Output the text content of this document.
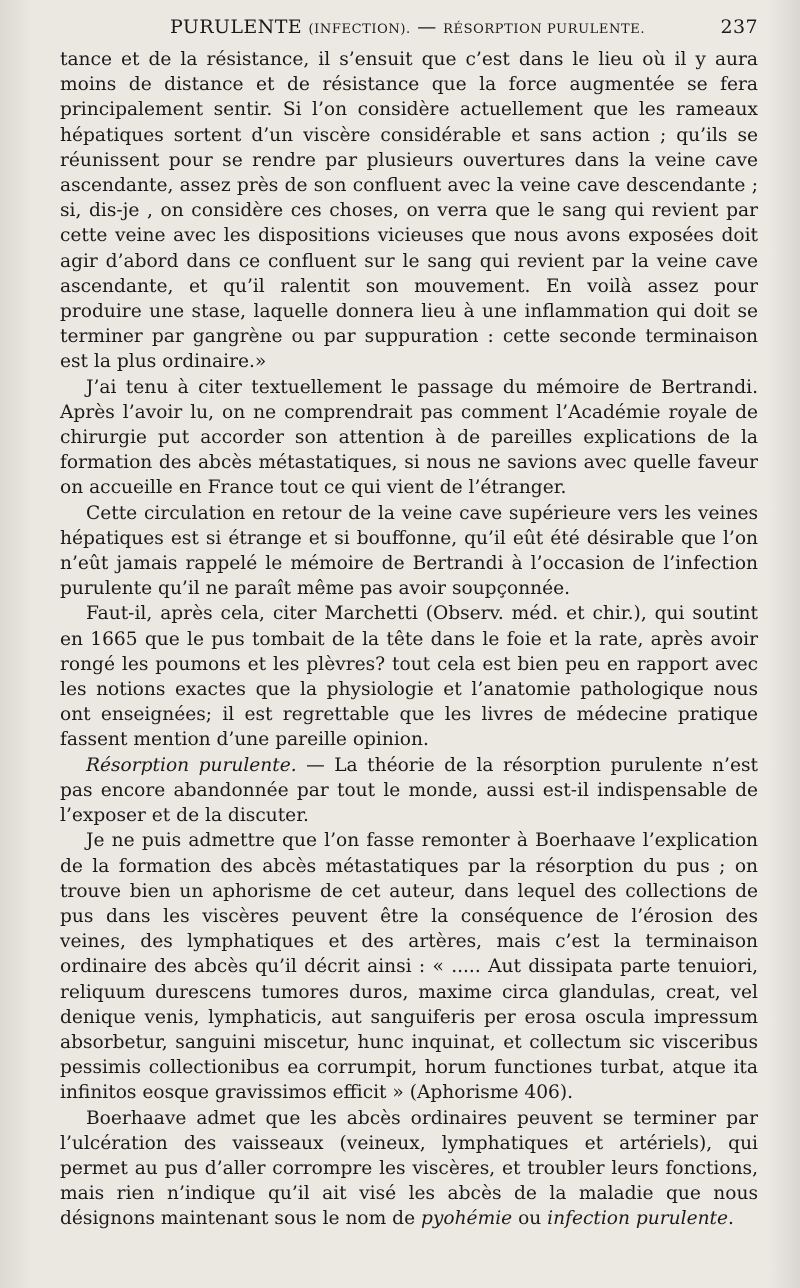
PURULENTE (INFECTION). — RÉSORPTION PURULENTE.	237

tance et de la résistance, il s’ensuit que c’est dans le lieu où il y aura moins de distance et de résistance que la force augmentée se fera principalement sentir. Si l’on considère actuellement que les rameaux hépatiques sortent d’un viscère considérable et sans action ; qu’ils se réunissent pour se rendre par plusieurs ouvertures dans la veine cave ascendante, assez près de son confluent avec la veine cave descendante ; si, dis-je , on considère ces choses, on verra que le sang qui revient par cette veine avec les dispositions vicieuses que nous avons exposées doit agir d’abord dans ce confluent sur le sang qui revient par la veine cave ascendante, et qu’il ralentit son mouvement. En voilà assez pour produire une stase, laquelle donnera lieu à une inflammation qui doit se terminer par gangrène ou par suppuration : cette seconde terminaison est la plus ordinaire.»

J’ai tenu à citer textuellement le passage du mémoire de Bertrandi. Après l’avoir lu, on ne comprendrait pas comment l’Académie royale de chirurgie put accorder son attention à de pareilles explications de la formation des abcès métastatiques, si nous ne savions avec quelle faveur on accueille en France tout ce qui vient de l’étranger.

Cette circulation en retour de la veine cave supérieure vers les veines hépatiques est si étrange et si bouffonne, qu’il eût été désirable que l’on n’eût jamais rappelé le mémoire de Bertrandi à l’occasion de l’infection purulente qu’il ne paraît même pas avoir soupçonnée.

Faut-il, après cela, citer Marchetti (Observ. méd. et chir.), qui soutint en 1665 que le pus tombait de la tête dans le foie et la rate, après avoir rongé les poumons et les plèvres? tout cela est bien peu en rapport avec les notions exactes que la physiologie et l’anatomie pathologique nous ont enseignées; il est regrettable que les livres de médecine pratique fassent mention d’une pareille opinion.

Résorption purulente. — La théorie de la résorption purulente n’est pas encore abandonnée par tout le monde, aussi est-il indispensable de l’exposer et de la discuter.

Je ne puis admettre que l’on fasse remonter à Boerhaave l’explication de la formation des abcès métastatiques par la résorption du pus ; on trouve bien un aphorisme de cet auteur, dans lequel des collections de pus dans les viscères peuvent être la conséquence de l’érosion des veines, des lymphatiques et des artères, mais c’est la terminaison ordinaire des abcès qu’il décrit ainsi : « ..... Aut dissipata parte tenuiori, reliquum durescens tumores duros, maxime circa glandulas, creat, vel denique venis, lymphaticis, aut sanguiferis per erosa oscula impressum absorbetur, sanguini miscetur, hunc inquinat, et collectum sic visceribus pessimis collectionibus ea corrumpit, horum functiones turbat, atque ita infinitos eosque gravissimos efficit » (Aphorisme 406).

Boerhaave admet que les abcès ordinaires peuvent se terminer par l’ulcération des vaisseaux (veineux, lymphatiques et artériels), qui permet au pus d’aller corrompre les viscères, et troubler leurs fonctions, mais rien n’indique qu’il ait visé les abcès de la maladie que nous désignons maintenant sous le nom de pyohémie ou infection purulente.
